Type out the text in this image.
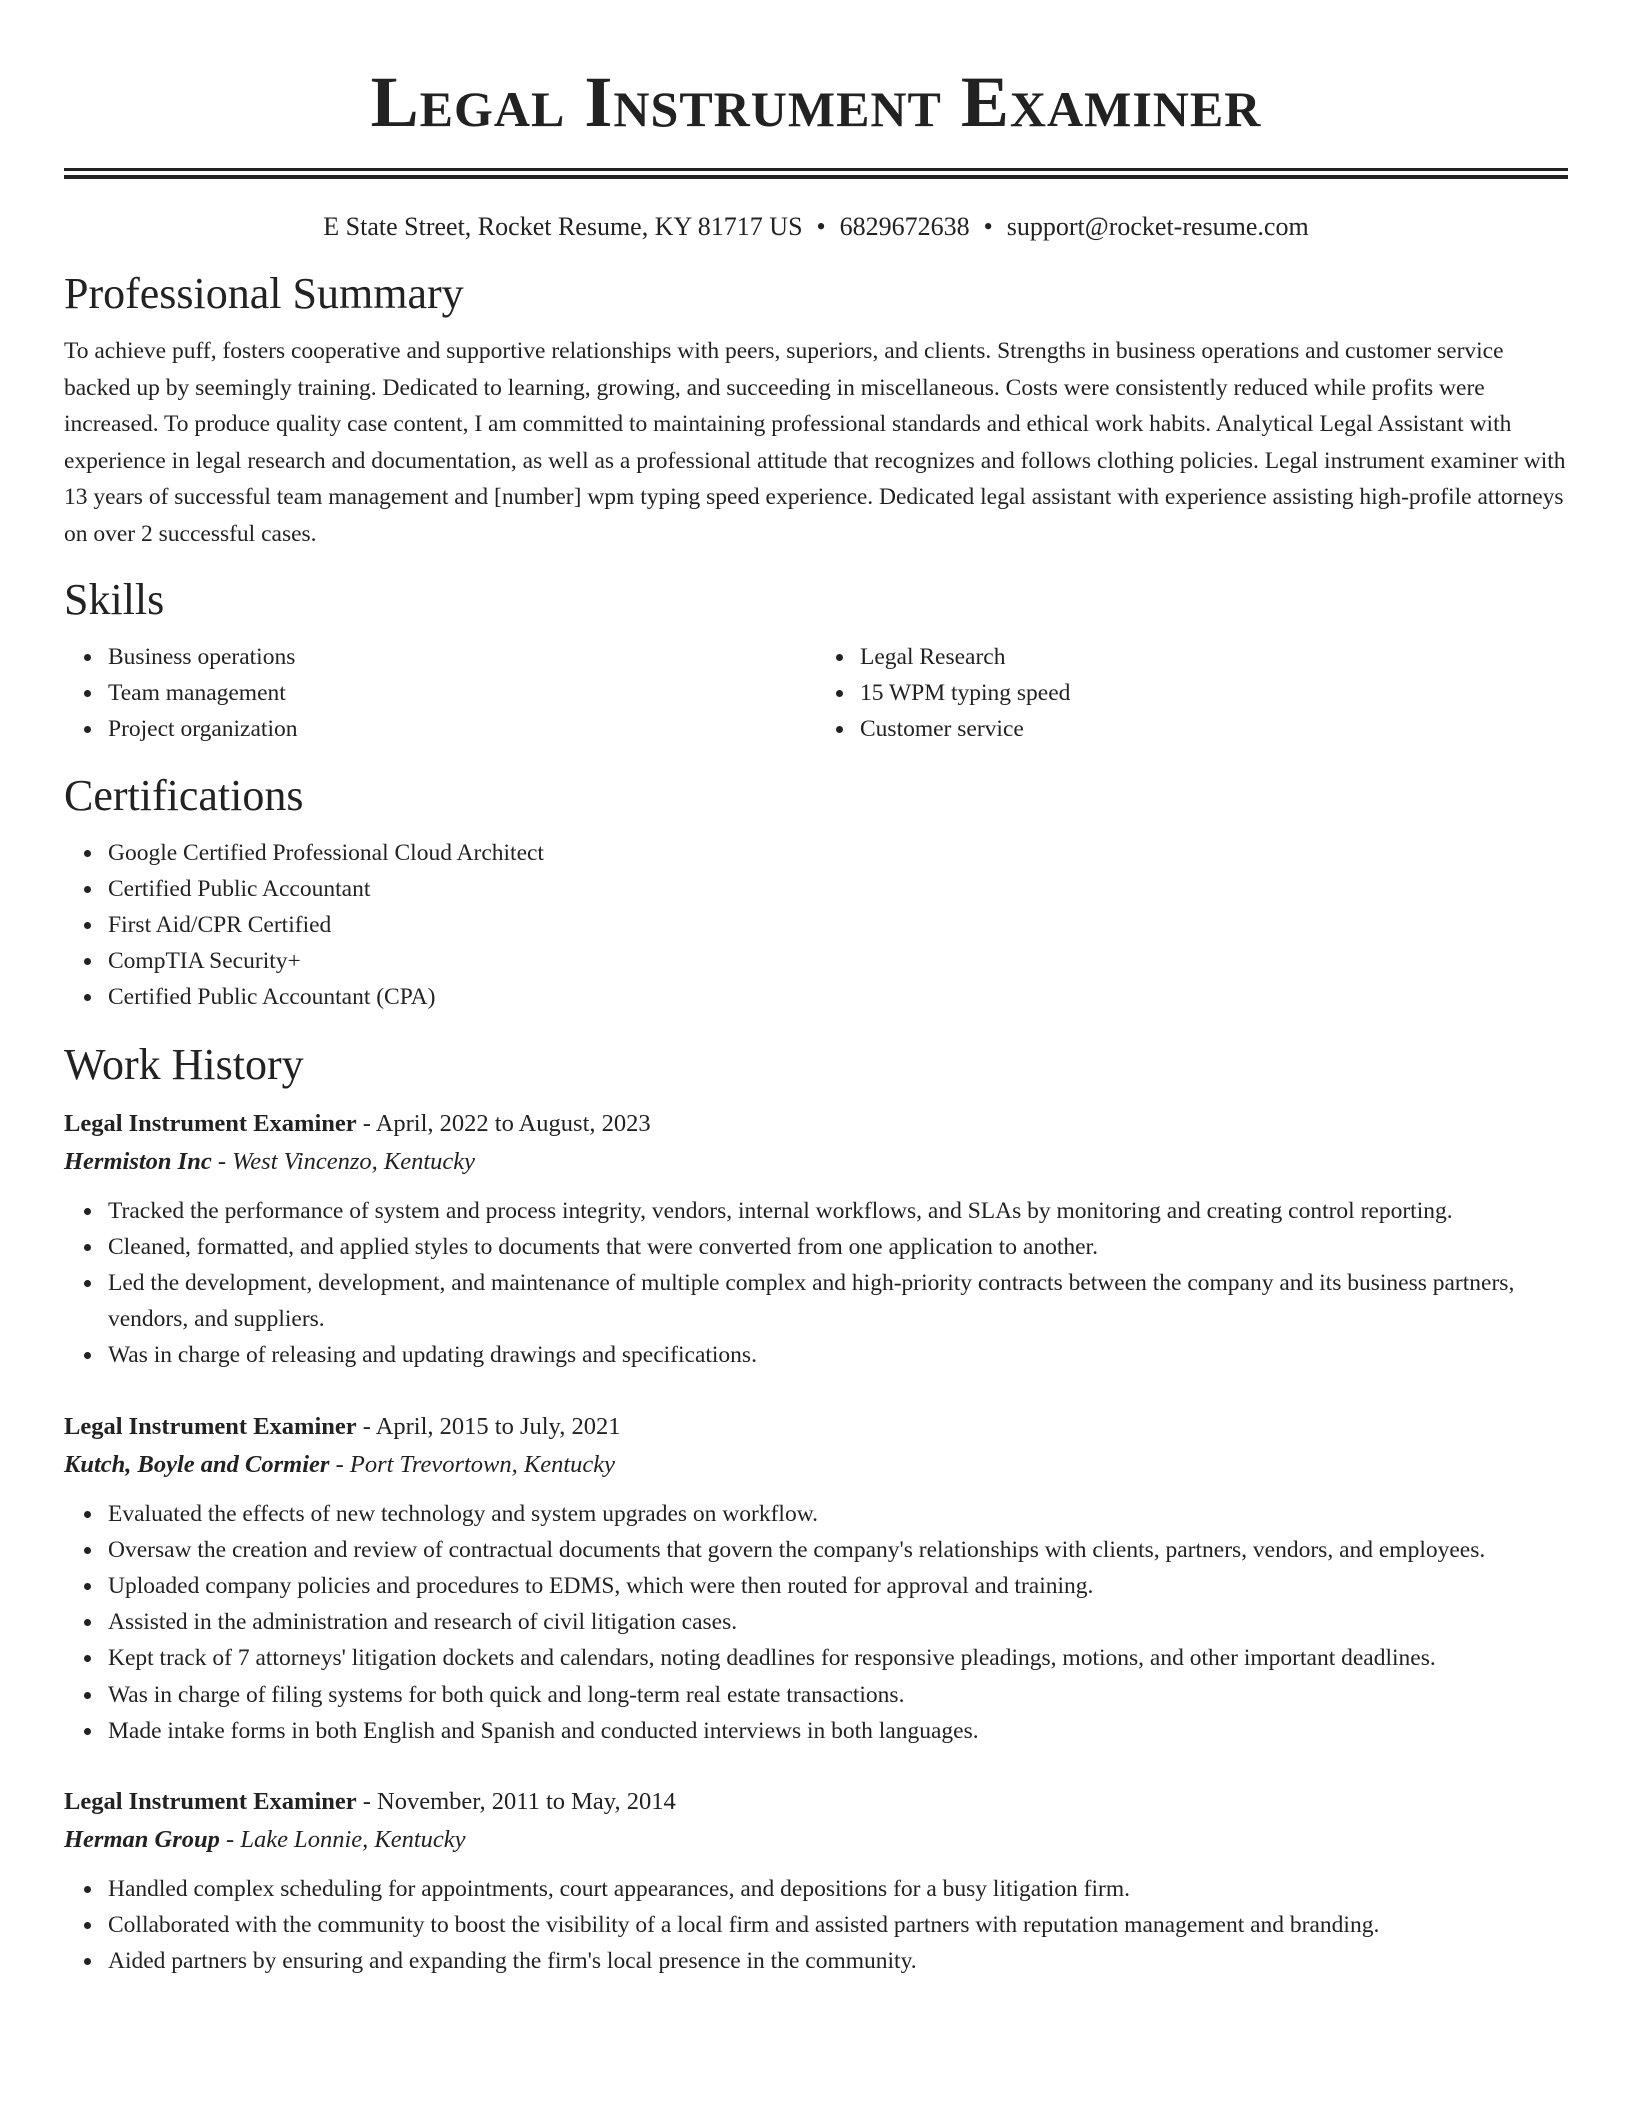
Legal Instrument Examiner
E State Street, Rocket Resume, KY 81717 US • 6829672638 • support@rocket-resume.com
Professional Summary
To achieve puff, fosters cooperative and supportive relationships with peers, superiors, and clients. Strengths in business operations and customer service backed up by seemingly training. Dedicated to learning, growing, and succeeding in miscellaneous. Costs were consistently reduced while profits were increased. To produce quality case content, I am committed to maintaining professional standards and ethical work habits. Analytical Legal Assistant with experience in legal research and documentation, as well as a professional attitude that recognizes and follows clothing policies. Legal instrument examiner with 13 years of successful team management and [number] wpm typing speed experience. Dedicated legal assistant with experience assisting high-profile attorneys on over 2 successful cases.
Skills
Business operations
Team management
Project organization
Legal Research
15 WPM typing speed
Customer service
Certifications
Google Certified Professional Cloud Architect
Certified Public Accountant
First Aid/CPR Certified
CompTIA Security+
Certified Public Accountant (CPA)
Work History
Legal Instrument Examiner - April, 2022 to August, 2023
Hermiston Inc - West Vincenzo, Kentucky
Tracked the performance of system and process integrity, vendors, internal workflows, and SLAs by monitoring and creating control reporting.
Cleaned, formatted, and applied styles to documents that were converted from one application to another.
Led the development, development, and maintenance of multiple complex and high-priority contracts between the company and its business partners, vendors, and suppliers.
Was in charge of releasing and updating drawings and specifications.
Legal Instrument Examiner - April, 2015 to July, 2021
Kutch, Boyle and Cormier - Port Trevortown, Kentucky
Evaluated the effects of new technology and system upgrades on workflow.
Oversaw the creation and review of contractual documents that govern the company's relationships with clients, partners, vendors, and employees.
Uploaded company policies and procedures to EDMS, which were then routed for approval and training.
Assisted in the administration and research of civil litigation cases.
Kept track of 7 attorneys' litigation dockets and calendars, noting deadlines for responsive pleadings, motions, and other important deadlines.
Was in charge of filing systems for both quick and long-term real estate transactions.
Made intake forms in both English and Spanish and conducted interviews in both languages.
Legal Instrument Examiner - November, 2011 to May, 2014
Herman Group - Lake Lonnie, Kentucky
Handled complex scheduling for appointments, court appearances, and depositions for a busy litigation firm.
Collaborated with the community to boost the visibility of a local firm and assisted partners with reputation management and branding.
Aided partners by ensuring and expanding the firm's local presence in the community.
